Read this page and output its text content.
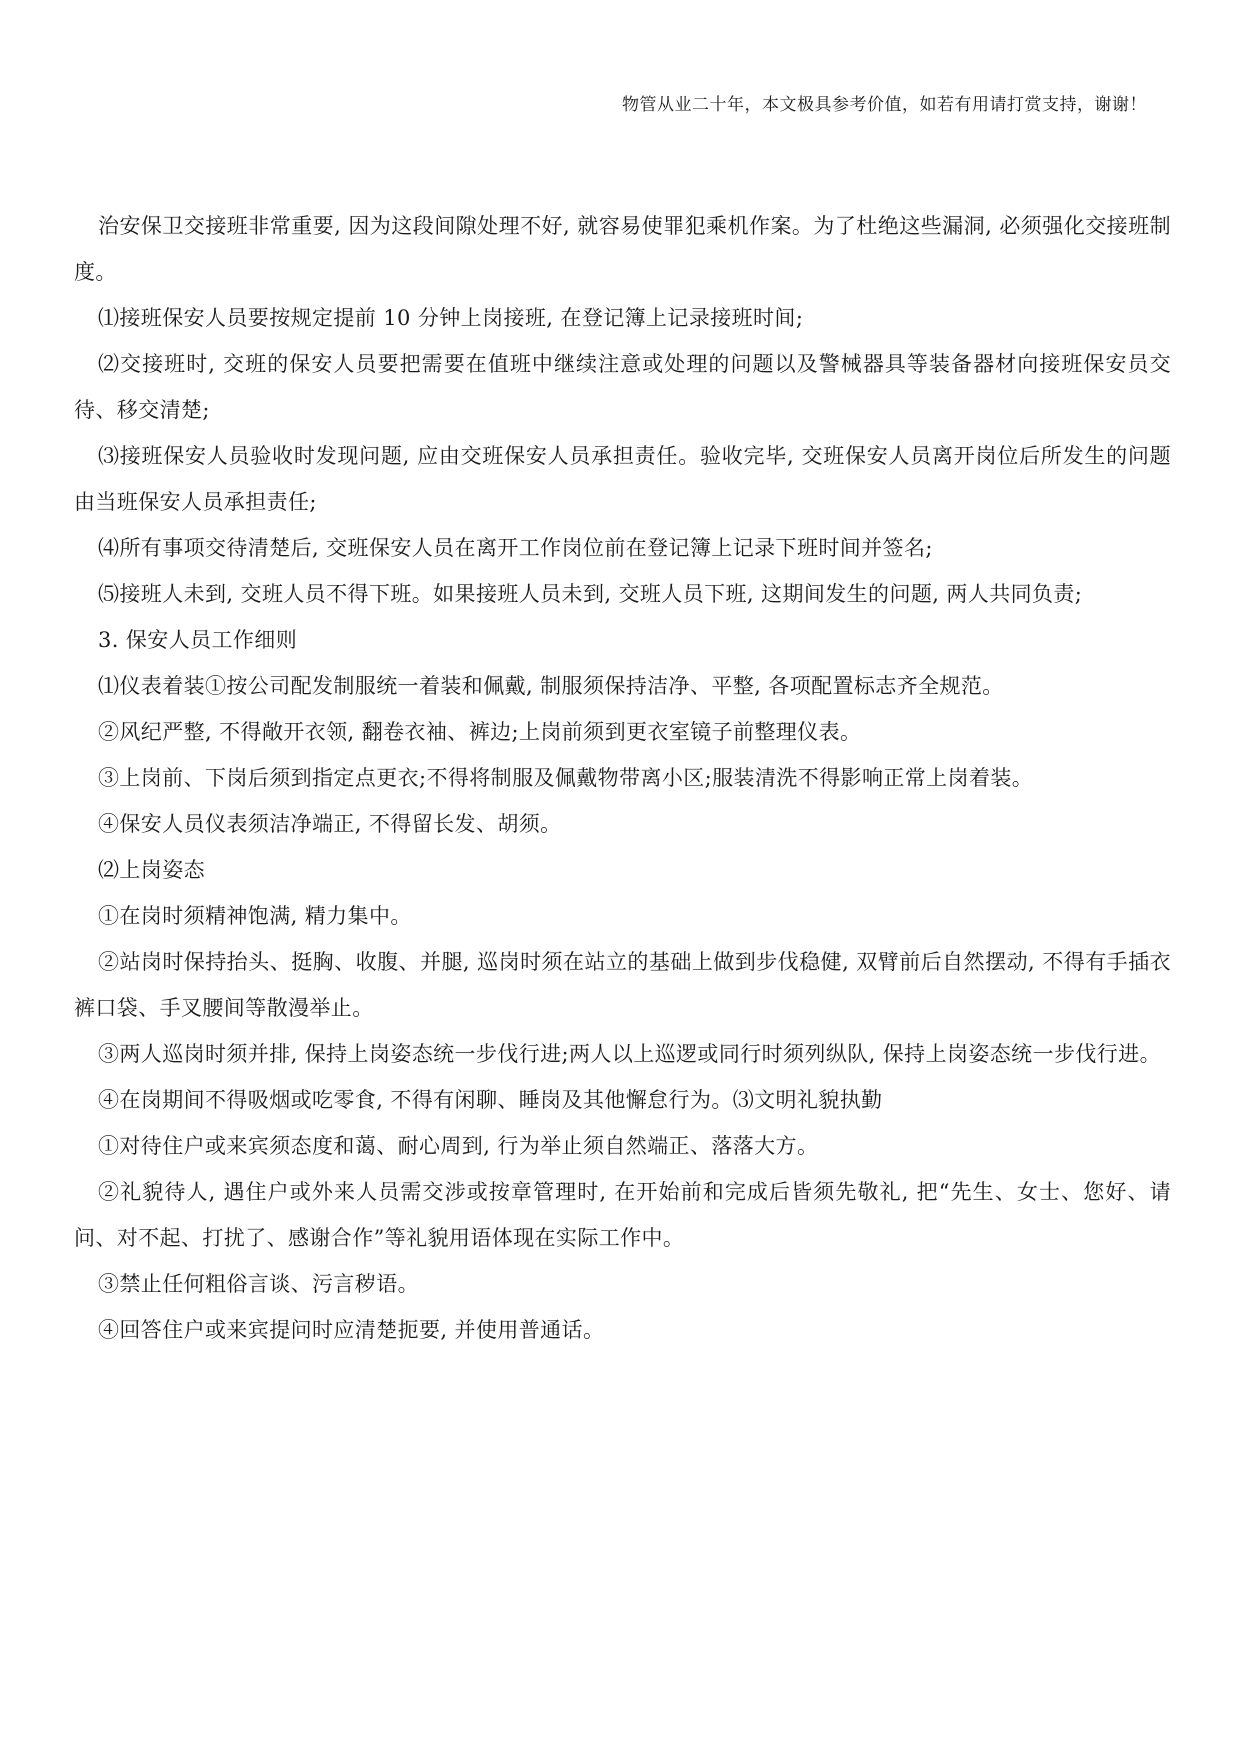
物管从业二十年，本文极具参考价值，如若有用请打赏支持，谢谢！

治安保卫交接班非常重要, 因为这段间隙处理不好, 就容易使罪犯乘机作案。为了杜绝这些漏洞, 必须强化交接班制度。

⑴接班保安人员要按规定提前 10 分钟上岗接班, 在登记簿上记录接班时间;

⑵交接班时, 交班的保安人员要把需要在值班中继续注意或处理的问题以及警械器具等装备器材向接班保安员交待、移交清楚;

⑶接班保安人员验收时发现问题, 应由交班保安人员承担责任。验收完毕, 交班保安人员离开岗位后所发生的问题由当班保安人员承担责任;

⑷所有事项交待清楚后, 交班保安人员在离开工作岗位前在登记簿上记录下班时间并签名;

⑸接班人未到, 交班人员不得下班。如果接班人员未到, 交班人员下班, 这期间发生的问题, 两人共同负责;

3. 保安人员工作细则

⑴仪表着装①按公司配发制服统一着装和佩戴, 制服须保持洁净、平整, 各项配置标志齐全规范。

②风纪严整, 不得敞开衣领, 翻卷衣袖、裤边;上岗前须到更衣室镜子前整理仪表。

③上岗前、下岗后须到指定点更衣;不得将制服及佩戴物带离小区;服装清洗不得影响正常上岗着装。

④保安人员仪表须洁净端正, 不得留长发、胡须。

⑵上岗姿态

①在岗时须精神饱满, 精力集中。

②站岗时保持抬头、挺胸、收腹、并腿, 巡岗时须在站立的基础上做到步伐稳健, 双臂前后自然摆动, 不得有手插衣裤口袋、手叉腰间等散漫举止。

③两人巡岗时须并排, 保持上岗姿态统一步伐行进;两人以上巡逻或同行时须列纵队, 保持上岗姿态统一步伐行进。

④在岗期间不得吸烟或吃零食, 不得有闲聊、睡岗及其他懈怠行为。⑶文明礼貌执勤

①对待住户或来宾须态度和蔼、耐心周到, 行为举止须自然端正、落落大方。

②礼貌待人, 遇住户或外来人员需交涉或按章管理时, 在开始前和完成后皆须先敬礼, 把“先生、女士、您好、请问、对不起、打扰了、感谢合作”等礼貌用语体现在实际工作中。

③禁止任何粗俗言谈、污言秽语。

④回答住户或来宾提问时应清楚扼要, 并使用普通话。
